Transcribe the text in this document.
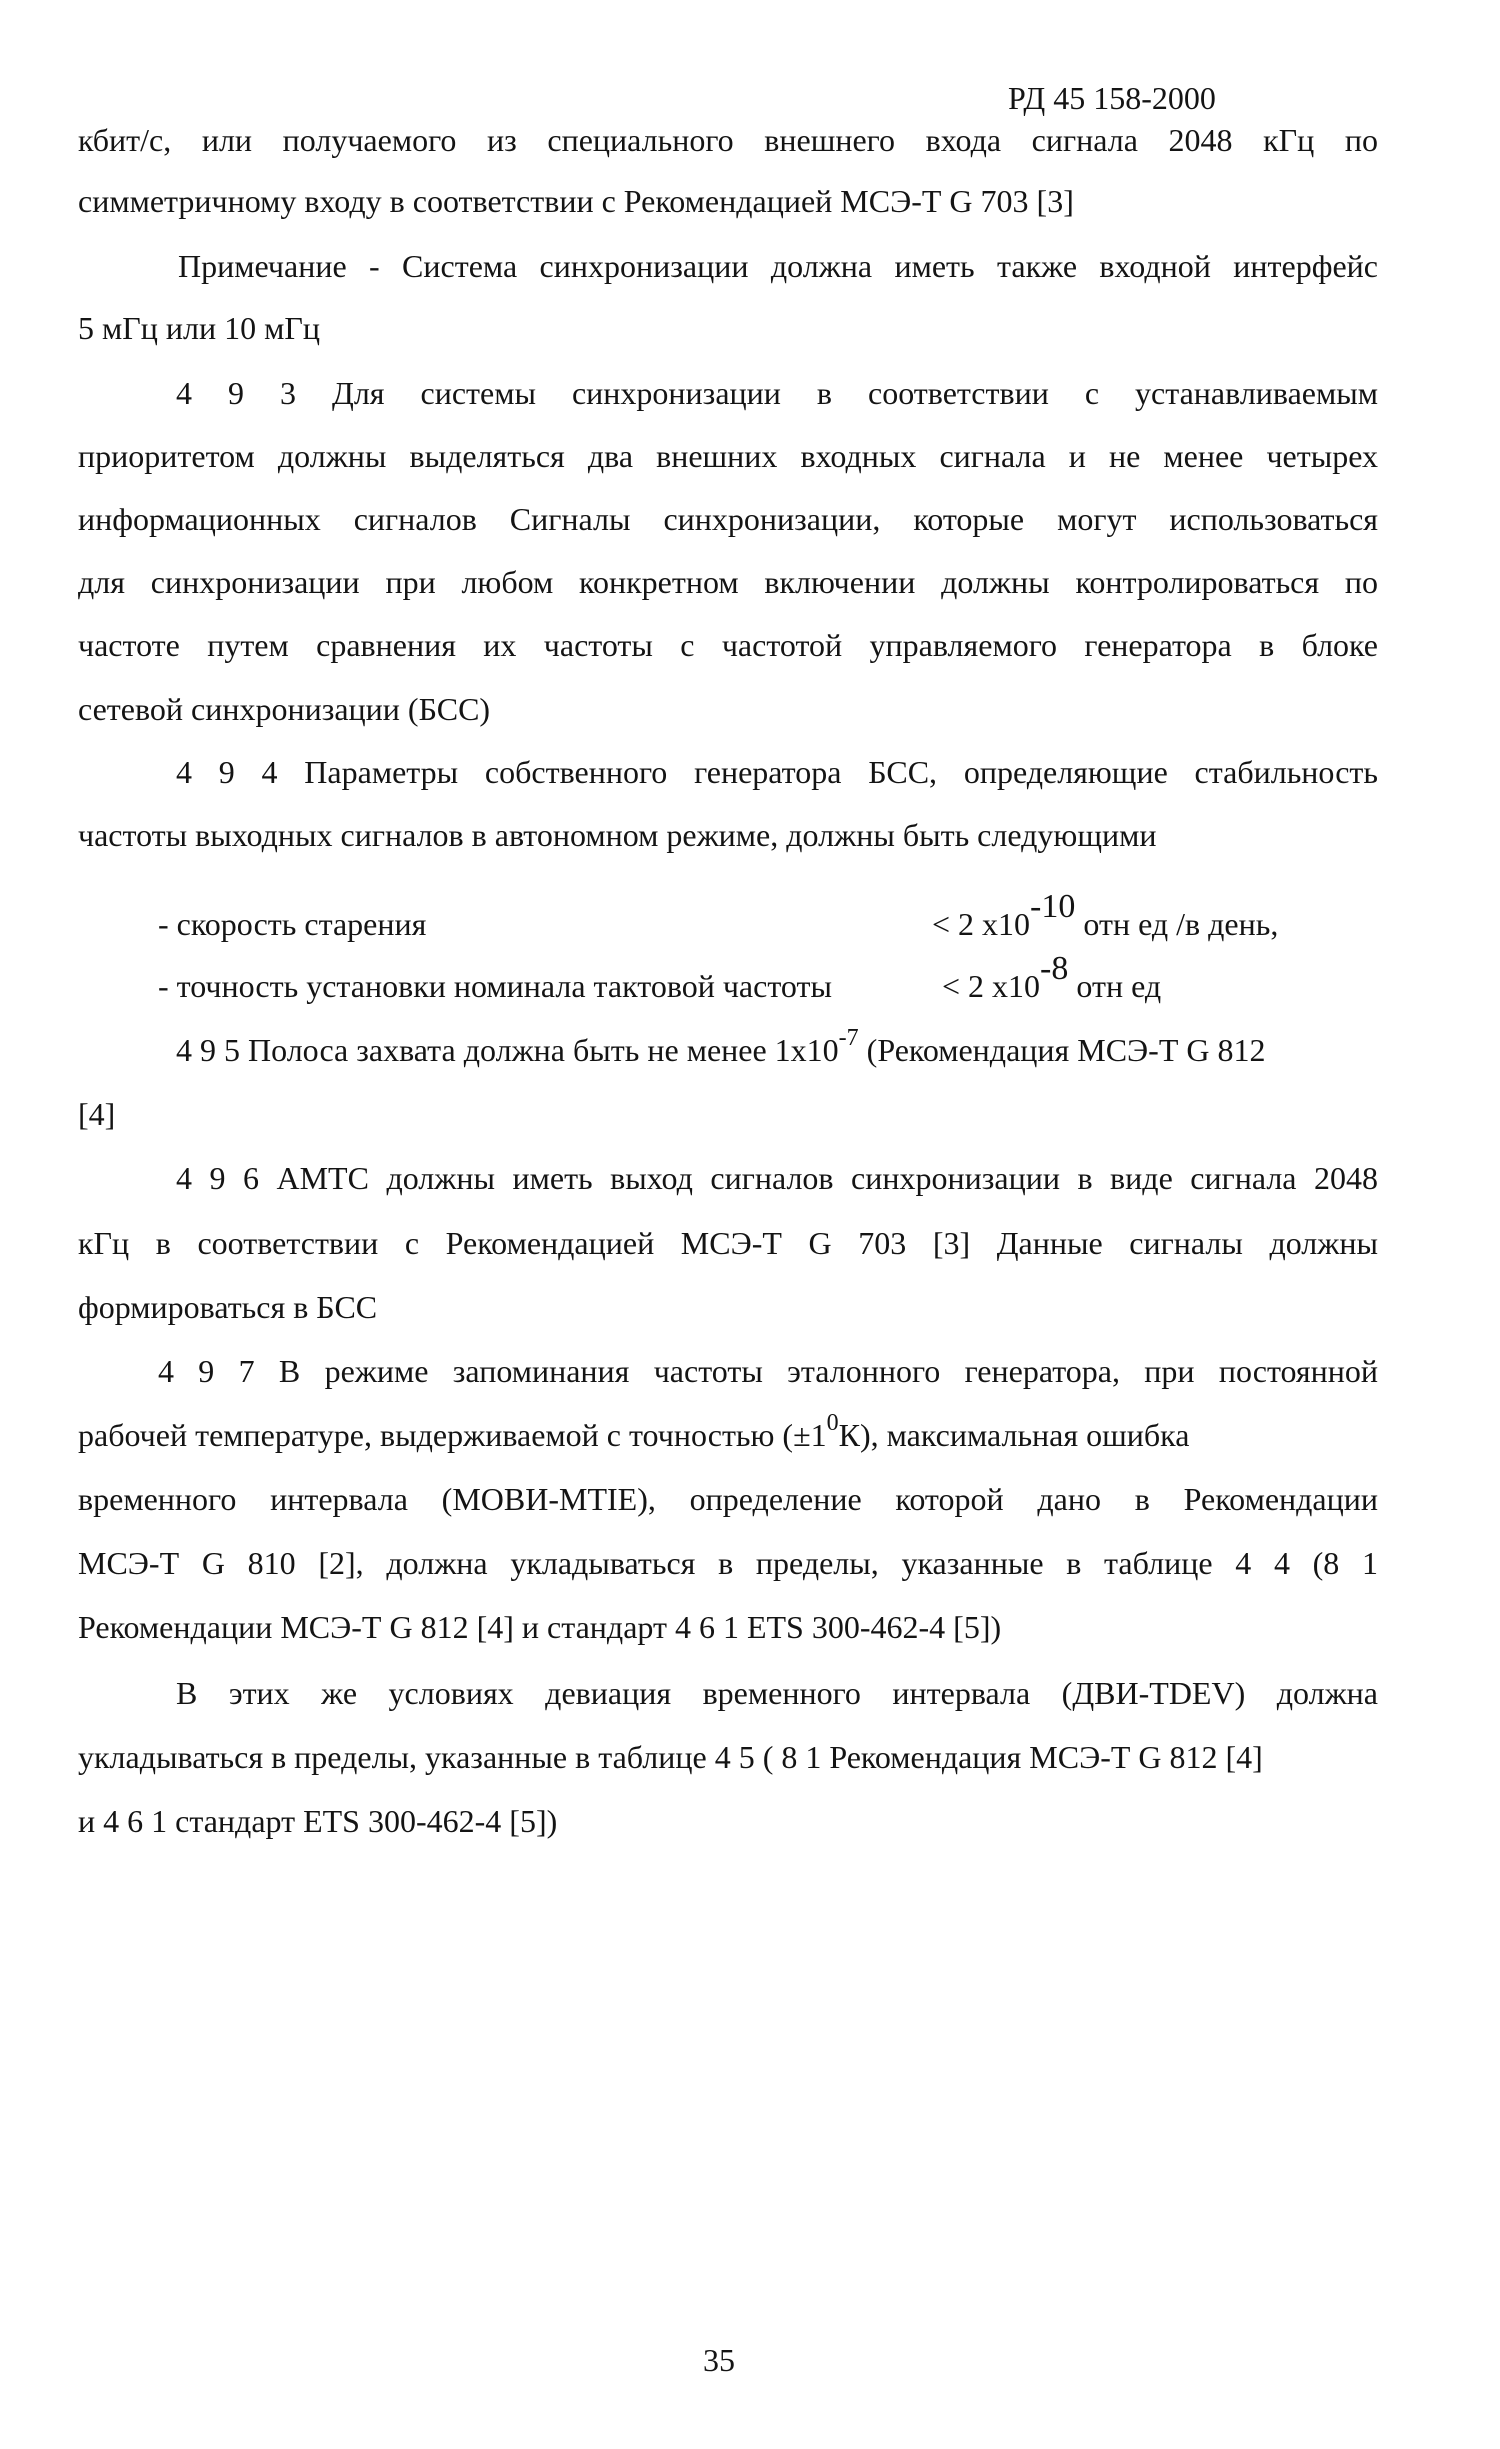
РД 45 158-2000

кбит/с, или получаемого из специального внешнего входа сигнала 2048 кГц по

симметричному входу в соответствии с Рекомендацией МСЭ-Т G 703 [3]

Примечание - Система синхронизации должна иметь также входной интерфейс

5 мГц или 10 мГц

4 9 3 Для системы синхронизации в соответствии с устанавливаемым

приоритетом должны выделяться два внешних входных сигнала и не менее четырех

информационных сигналов Сигналы синхронизации, которые могут использоваться

для синхронизации при любом конкретном включении должны контролироваться по

частоте путем сравнения их частоты с частотой управляемого генератора в блоке

сетевой синхронизации (БСС)

4 9 4 Параметры собственного генератора БСС, определяющие стабильность

частоты выходных сигналов в автономном режиме, должны быть следующими

- скорость старения	< 2 x10-10 отн ед /в день,

- точность установки номинала тактовой частоты	< 2 x10-8 отн ед

4 9 5 Полоса захвата должна быть не менее $1x10^{-7}$ (Рекомендация МСЭ-Т G 812

[4]

4 9 6 АМТС должны иметь выход сигналов синхронизации в виде сигнала 2048

кГц в соответствии с Рекомендацией МСЭ-Т G 703 [3] Данные сигналы должны

формироваться в БСС

4 9 7 В режиме запоминания частоты эталонного генератора, при постоянной

рабочей температуре, выдерживаемой с точностью $(\pm 1^0К)$, максимальная ошибка

временного интервала (МОВИ-MTIE), определение которой дано в Рекомендации

МСЭ-Т G 810 [2], должна укладываться в пределы, указанные в таблице 4 4 (8 1

Рекомендации МСЭ-Т G 812 [4] и стандарт 4 6 1 ETS 300-462-4 [5])

В этих же условиях девиация временного интервала (ДВИ-TDEV) должна

укладываться в пределы, указанные в таблице 4 5 ( 8 1 Рекомендация МСЭ-Т G 812 [4]

и 4 6 1 стандарт ETS 300-462-4 [5])

35
